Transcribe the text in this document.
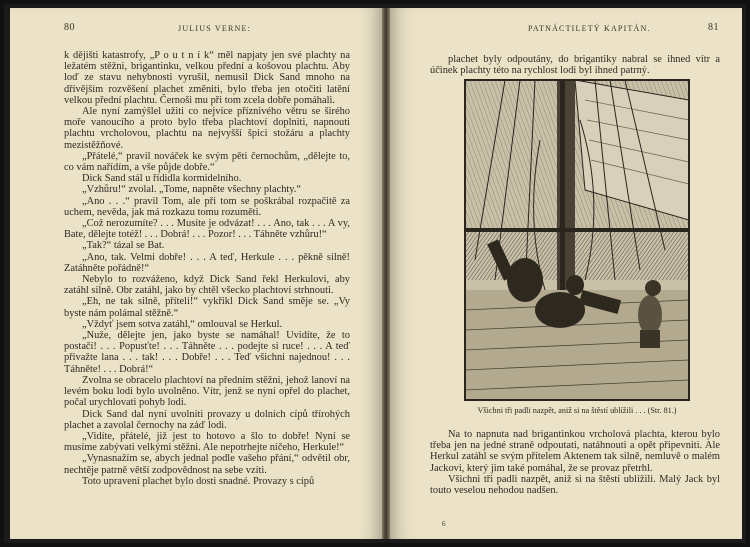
80	JULIUS VERNE:

k dějišti katastrofy, „P o u t n í k“ měl napjaty jen své plachty na ležatém stěžni, brigantinku, velkou přední a košovou plachtu. Aby loď ze stavu nehybnosti vyrušil, nemusil Dick Sand mnoho na dřívějším rozvěšení plachet změniti, bylo třeba jen otočiti latění velkou přední plachtu. Černoši mu při tom zcela dobře pomáhali.

Ale nyní zamýšlel užiti co nejvíce příznivého větru se širého moře vanoucího a proto bylo třeba plachtoví doplniti, napnouti plachtu vrcholovou, plachtu na nejvyšší špici stožáru a plachty mezistěžňové.

„Přátelé,“ pravil nováček ke svým pěti černochům, „dělejte to, co vám nařídím, a vše půjde dobře.“

Dick Sand stál u řídidla kormidelního.

„Vzhůru!“ zvolal. „Tome, napněte všechny plachty.“

„Ano . . .“ pravil Tom, ale při tom se poškrábal rozpačitě za uchem, nevěda, jak má rozkazu tomu rozuměti.

„Což nerozumíte? . . . Musíte je odvázat! . . . Ano, tak . . . A vy, Bate, dělejte totéž! . . . Dobrá! . . . Pozor! . . . Táhněte vzhůru!“

„Tak?“ tázal se Bat.

„Ano, tak. Velmi dobře! . . . A teď, Herkule . . . pěkně silně! Zatáhněte pořádně!“

Nebylo to rozváženo, když Dick Sand řekl Herkulovi, aby zatáhl silně. Obr zatáhl, jako by chtěl všecko plachtoví strhnouti.

„Eh, ne tak silně, příteli!“ vykřikl Dick Sand směje se. „Vy byste nám polámal stěžně.“

„Vždyť jsem sotva zatáhl,“ omlouval se Herkul.

„Nuže, dělejte jen, jako byste se namáhal! Uvidíte, že to postačí! . . . Popusťte! . . . Táhněte . . . podejte si ruce! . . . A teď přivažte lana . . . tak! . . . Dobře! . . . Teď všichni najednou! . . . Táhněte! . . . Dobrá!“

Zvolna se obracelo plachtoví na předním stěžni, jehož lanoví na levém boku lodi bylo uvolněno. Vítr, jenž se nyní opřel do plachet, počal urychlovati pohyb lodi.

Dick Sand dal nyní uvolniti provazy u dolních cípů třírohých plachet a zavolal černochy na záď lodi.

„Vidíte, přátelé, již jest to hotovo a šlo to dobře! Nyní se musíme zabývati velkými stěžni. Ale nepotrhejte ničeho, Herkule!“

„Vynasnažím se, abych jednal podle vašeho přání,“ odvětil obr, nechtěje patrně větší zodpovědnost na sebe vzíti.

Toto upravení plachet bylo dosti snadné. Provazy s cípů

PATNÁCTILETÝ KAPITÁN.	81

plachet byly odpoutány, do brigantiky nabral se ihned vítr a účinek plachty této na rychlost lodi byl ihned patrný.

Všichni tři padli nazpět, aniž si na štěstí ublížili . . . (Str. 81.)

Na to napnuta nad brigantinkou vrcholová plachta, kterou bylo třeba jen na jedné straně odpoutati, natáhnouti a opět připevniti. Ale Herkul zatáhl se svým přítelem Aktenem tak silně, nemluvě o malém Jackovi, který jim také pomáhal, že se provaz přetrhl.

Všichni tři padli nazpět, aniž si na štěstí ublížili. Malý Jack byl touto veselou nehodou nadšen.

6
